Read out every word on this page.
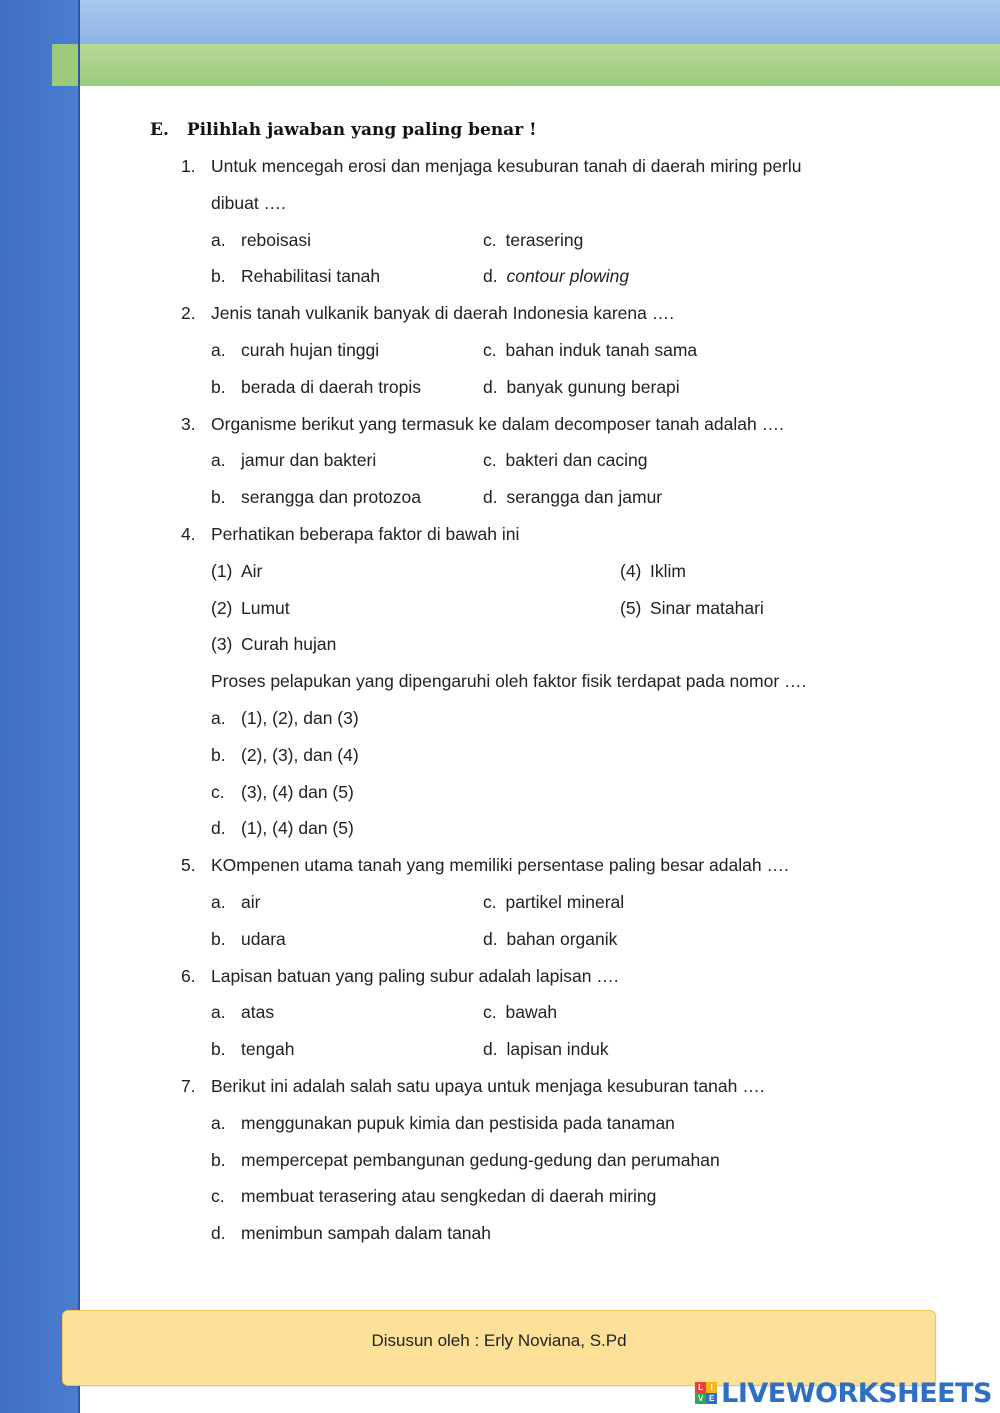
E. Pilihlah jawaban yang paling benar !
1. Untuk mencegah erosi dan menjaga kesuburan tanah di daerah miring perlu
dibuat ….
a. reboisasi	c. terasering
b. Rehabilitasi tanah	d. contour plowing
2. Jenis tanah vulkanik banyak di daerah Indonesia karena ….
a. curah hujan tinggi	c. bahan induk tanah sama
b. berada di daerah tropis	d. banyak gunung berapi
3. Organisme berikut yang termasuk ke dalam decomposer tanah adalah ….
a. jamur dan bakteri	c. bakteri dan cacing
b. serangga dan protozoa	d. serangga dan jamur
4. Perhatikan beberapa faktor di bawah ini
(1) Air	(4) Iklim
(2) Lumut	(5) Sinar matahari
(3) Curah hujan
Proses pelapukan yang dipengaruhi oleh faktor fisik terdapat pada nomor ….
a. (1), (2), dan (3)
b. (2), (3), dan (4)
c. (3), (4) dan (5)
d. (1), (4) dan (5)
5. KOmpenen utama tanah yang memiliki persentase paling besar adalah ….
a. air	c. partikel mineral
b. udara	d. bahan organik
6. Lapisan batuan yang paling subur adalah lapisan ….
a. atas	c. bawah
b. tengah	d. lapisan induk
7. Berikut ini adalah salah satu upaya untuk menjaga kesuburan tanah ….
a. menggunakan pupuk kimia dan pestisida pada tanaman
b. mempercepat pembangunan gedung-gedung dan perumahan
c. membuat terasering atau sengkedan di daerah miring
d. menimbun sampah dalam tanah
Disusun oleh : Erly Noviana, S.Pd
L I
V E LIVEWORKSHEETS
